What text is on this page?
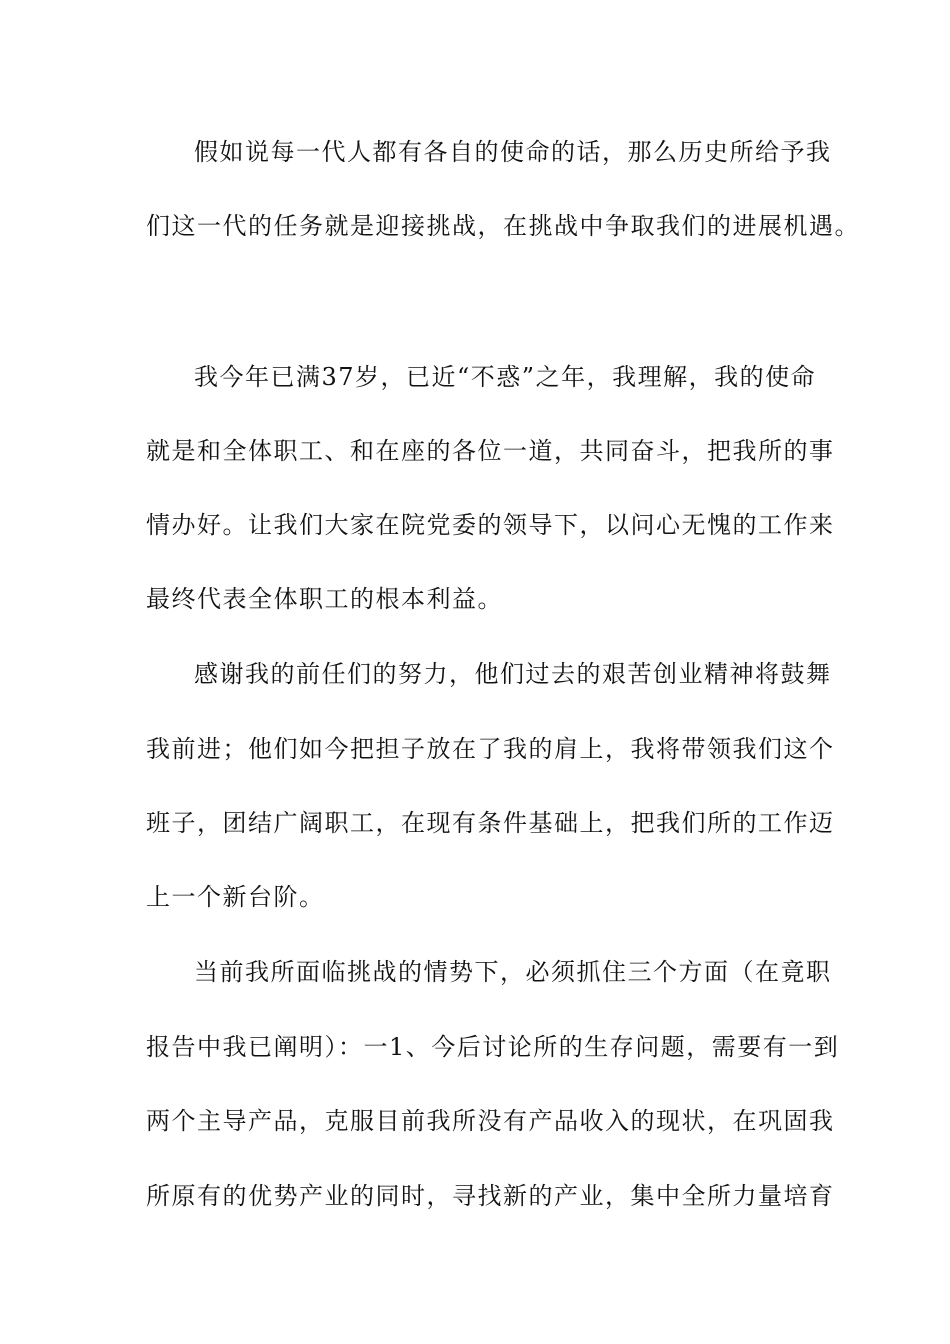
假如说每一代人都有各自的使命的话，那么历史所给予我
们这一代的任务就是迎接挑战，在挑战中争取我们的进展机遇。
我今年已满37岁，已近“不惑”之年，我理解，我的使命
就是和全体职工、和在座的各位一道，共同奋斗，把我所的事
情办好。让我们大家在院党委的领导下，以问心无愧的工作来
最终代表全体职工的根本利益。
感谢我的前任们的努力，他们过去的艰苦创业精神将鼓舞
我前进；他们如今把担子放在了我的肩上，我将带领我们这个
班子，团结广阔职工，在现有条件基础上，把我们所的工作迈
上一个新台阶。
当前我所面临挑战的情势下，必须抓住三个方面（在竟职
报告中我已阐明）：一1、今后讨论所的生存问题，需要有一到
两个主导产品，克服目前我所没有产品收入的现状，在巩固我
所原有的优势产业的同时，寻找新的产业，集中全所力量培育
